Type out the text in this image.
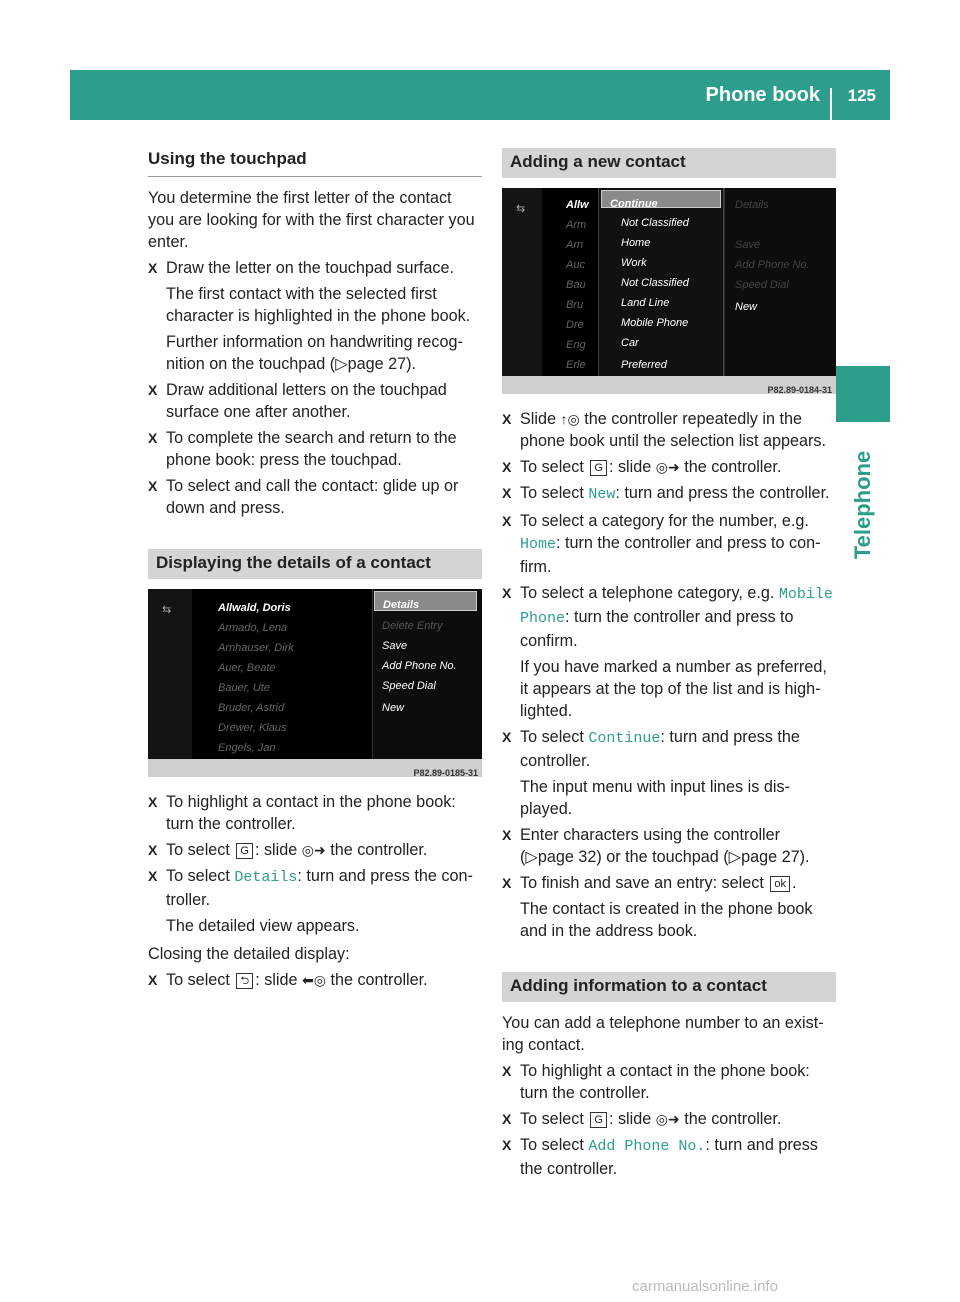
Phone book 125
Telephone
Using the touchpad

You determine the first letter of the contact you are looking for with the first character you enter.

X Draw the letter on the touchpad surface.
The first contact with the selected first character is highlighted in the phone book.
Further information on handwriting recog-nition on the touchpad (▷page 27).
X Draw additional letters on the touchpad surface one after another.
X To complete the search and return to the phone book: press the touchpad.
X To select and call the contact: glide up or down and press.
Displaying the details of a contact
⇆	Allwald, Doris
Armado, Lena
Arnhauser, Dirk
Auer, Beate
Bauer, Ute
Bruder, Astrid
Drewer, Klaus
Engels, Jan
Details
Delete Entry
Save
Add Phone No.
Speed Dial
New
P82.89-0185-31
X To highlight a contact in the phone book: turn the controller.
X To select G : slide ◎➜ the controller.
X To select Details: turn and press the con-troller.
The detailed view appears.

Closing the detailed display:

X To select ⮌ : slide ⬅◎ the controller.
Adding a new contact
⇆	Allw
Arm
Arn
Auc
Bau
Bru
Dre
Eng
Erle
Continue
Not Classified
Home
Work
Not Classified
Land Line
Mobile Phone
Car
Preferred
Details
Save
Add Phone No.
Speed Dial
New
P82.89-0184-31
X Slide ↑◎ the controller repeatedly in the phone book until the selection list appears.
X To select G : slide ◎➜ the controller.
X To select New: turn and press the controller.
X To select a category for the number, e.g. Home: turn the controller and press to con-firm.
X To select a telephone category, e.g. Mobile Phone: turn the controller and press to confirm.
If you have marked a number as preferred, it appears at the top of the list and is high-lighted.
X To select Continue: turn and press the controller.
The input menu with input lines is dis-played.
X Enter characters using the controller (▷page 32) or the touchpad (▷page 27).
X To finish and save an entry: select ok .
The contact is created in the phone book and in the address book.
Adding information to a contact

You can add a telephone number to an exist-ing contact.

X To highlight a contact in the phone book: turn the controller.
X To select G : slide ◎➜ the controller.
X To select Add Phone No.: turn and press the controller.
carmanualsonline.info
